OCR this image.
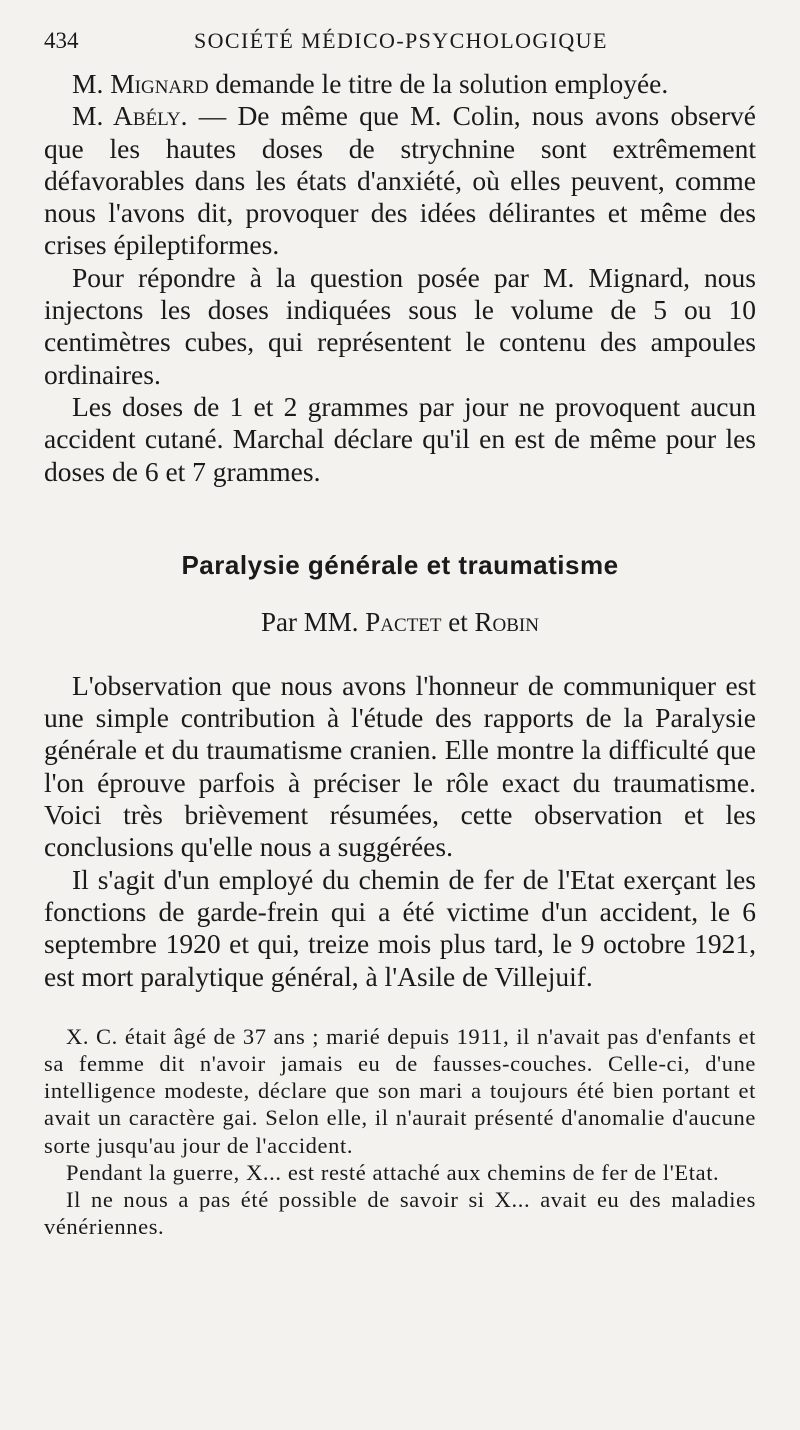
434	SOCIÉTÉ MÉDICO-PSYCHOLOGIQUE

M. Mignard demande le titre de la solution employée.

M. Abély. — De même que M. Colin, nous avons observé que les hautes doses de strychnine sont extrêmement défavorables dans les états d'anxiété, où elles peuvent, comme nous l'avons dit, provoquer des idées délirantes et même des crises épileptiformes.

Pour répondre à la question posée par M. Mignard, nous injectons les doses indiquées sous le volume de 5 ou 10 centimètres cubes, qui représentent le contenu des ampoules ordinaires.

Les doses de 1 et 2 grammes par jour ne provoquent aucun accident cutané. Marchal déclare qu'il en est de même pour les doses de 6 et 7 grammes.

Paralysie générale et traumatisme

Par MM. Pactet et Robin

L'observation que nous avons l'honneur de communiquer est une simple contribution à l'étude des rapports de la Paralysie générale et du traumatisme cranien. Elle montre la difficulté que l'on éprouve parfois à préciser le rôle exact du traumatisme. Voici très brièvement résumées, cette observation et les conclusions qu'elle nous a suggérées.

Il s'agit d'un employé du chemin de fer de l'Etat exerçant les fonctions de garde-frein qui a été victime d'un accident, le 6 septembre 1920 et qui, treize mois plus tard, le 9 octobre 1921, est mort paralytique général, à l'Asile de Villejuif.

X. C. était âgé de 37 ans ; marié depuis 1911, il n'avait pas d'enfants et sa femme dit n'avoir jamais eu de fausses-couches. Celle-ci, d'une intelligence modeste, déclare que son mari a toujours été bien portant et avait un caractère gai. Selon elle, il n'aurait présenté d'anomalie d'aucune sorte jusqu'au jour de l'accident.

Pendant la guerre, X... est resté attaché aux chemins de fer de l'Etat.

Il ne nous a pas été possible de savoir si X... avait eu des maladies vénériennes.
